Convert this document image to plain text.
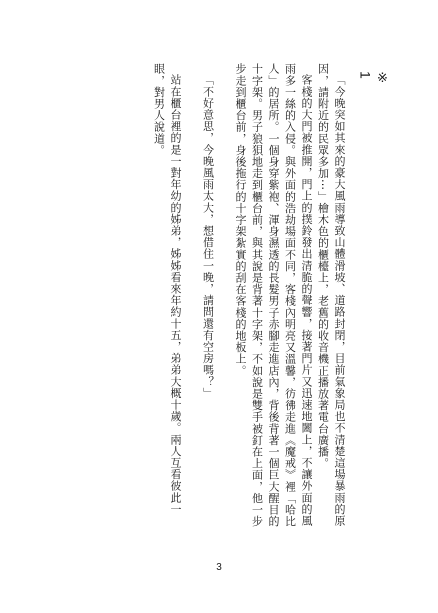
※
1
「今晚突如其來的豪大風雨導致山體滑坡、道路封閉，目前氣象局也不清楚這場暴雨的原因，請附近的民眾多加⋯」檜木色的櫃檯上，老舊的收音機正播放著電台廣播。
客棧的大門被推開，門上的撲鈴發出清脆的聲響，接著門片又迅速地闔上，不讓外面的風雨多一絲的入侵。與外面的浩劫場面不同，客棧內明亮又溫馨，彷彿走進《魔戒》裡「哈比人」的居所。一個身穿紫袍、渾身濕透的長髮男子赤腳走進店內，背後背著一個巨大醒目的十字架。男子狼狽地走到櫃台前，與其說是背著十字架，不如說是雙手被釘在上面，他一步步走到櫃台前，身後拖行的十字架紮實的刮在客棧的地板上。
「不好意思，今晚風雨太大，想借住一晚，請問還有空房嗎？」
站在櫃台裡的是一對年幼的姊弟，姊姊看來年約十五，弟弟大概十歲。兩人互看彼此一眼，對男人說道。
3
